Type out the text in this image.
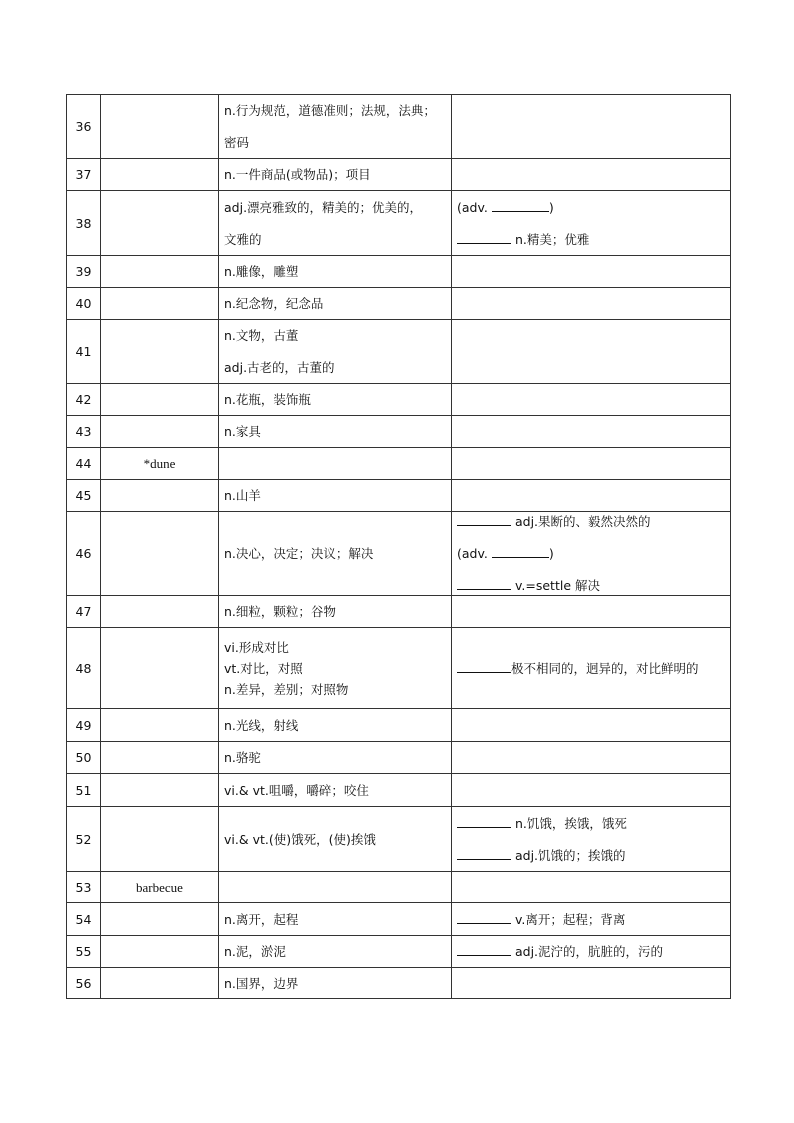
36		n.行为规范，道德准则；法规，法典；
密码	

37		n.一件商品(或物品)；项目	

38		adj.漂亮雅致的，精美的；优美的，
文雅的	(adv. )
n.精美；优雅

39		n.雕像，雕塑	

40		n.纪念物，纪念品	

41		n.文物，古董
adj.古老的，古董的	

42		n.花瓶，装饰瓶	

43		n.家具	

44	*dune		
45		n.山羊	

46		n.决心，决定；决议；解决	adj.果断的、毅然决然的
(adv. )
v.=settle 解决

47		n.细粒，颗粒；谷物	

48		vi.形成对比
vt.对比，对照
n.差异，差别；对照物	极不相同的，迥异的，对比鲜明的

49		n.光线，射线	

50		n.骆驼	

51		vi.& vt.咀嚼，嚼碎；咬住	

52		vi.& vt.(使)饿死，(使)挨饿	n.饥饿，挨饿，饿死
adj.饥饿的；挨饿的

53	barbecue		
54		n.离开，起程	v.离开；起程；背离

55		n.泥，淤泥	adj.泥泞的，肮脏的，污的

56		n.国界，边界	
